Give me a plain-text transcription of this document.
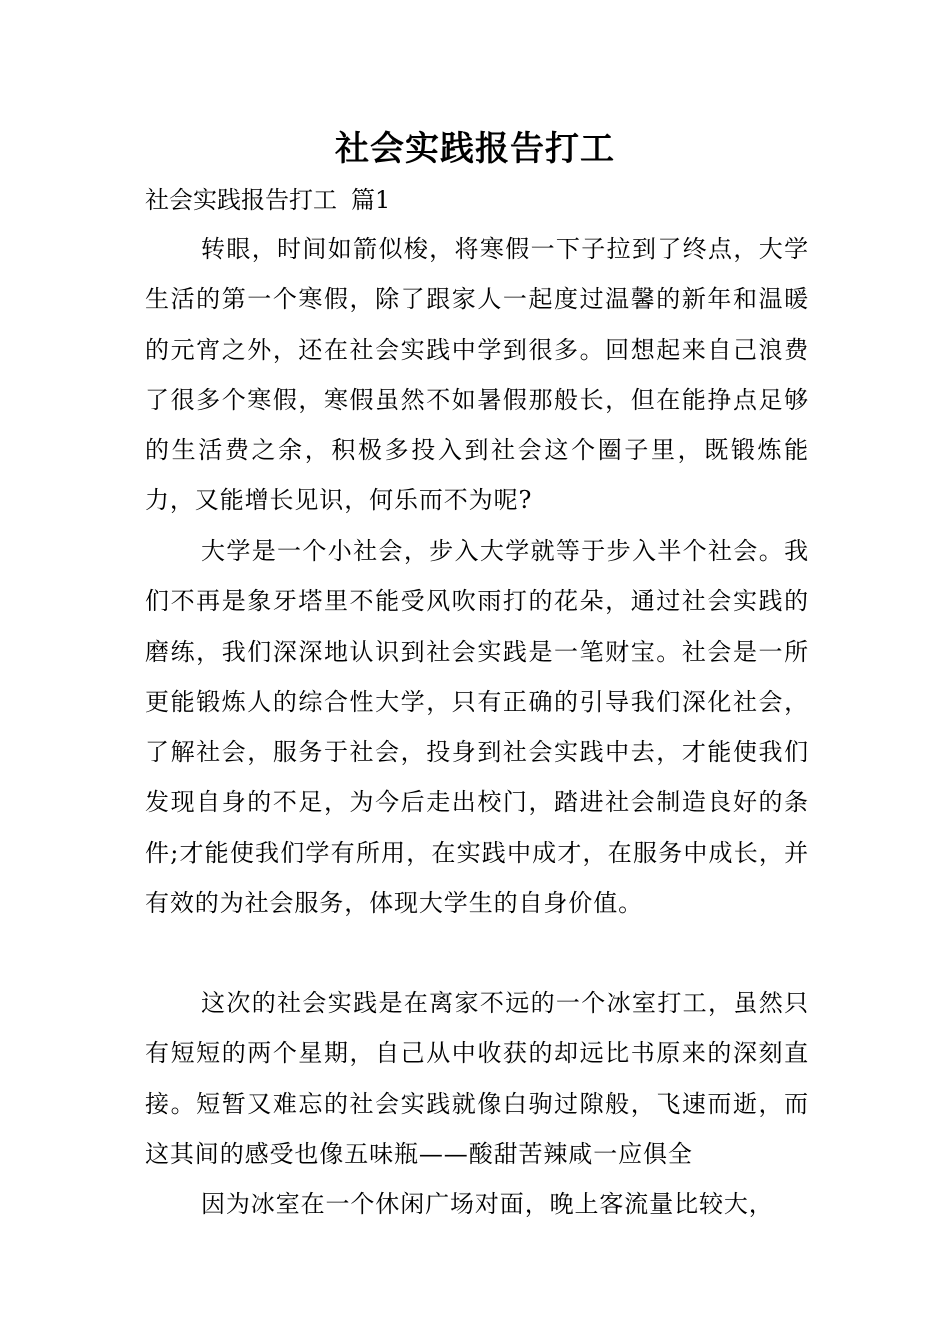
社会实践报告打工

社会实践报告打工 篇1

转眼，时间如箭似梭，将寒假一下子拉到了终点，大学生活的第一个寒假，除了跟家人一起度过温馨的新年和温暖的元宵之外，还在社会实践中学到很多。回想起来自己浪费了很多个寒假，寒假虽然不如暑假那般长，但在能挣点足够的生活费之余，积极多投入到社会这个圈子里，既锻炼能力，又能增长见识，何乐而不为呢?

大学是一个小社会，步入大学就等于步入半个社会。我们不再是象牙塔里不能受风吹雨打的花朵，通过社会实践的磨练，我们深深地认识到社会实践是一笔财宝。社会是一所更能锻炼人的综合性大学，只有正确的引导我们深化社会，了解社会，服务于社会，投身到社会实践中去，才能使我们发现自身的不足，为今后走出校门，踏进社会制造良好的条件;才能使我们学有所用，在实践中成才，在服务中成长，并有效的为社会服务，体现大学生的自身价值。

这次的社会实践是在离家不远的一个冰室打工，虽然只有短短的两个星期，自己从中收获的却远比书原来的深刻直接。短暂又难忘的社会实践就像白驹过隙般，飞速而逝，而这其间的感受也像五味瓶——酸甜苦辣咸一应俱全

因为冰室在一个休闲广场对面，晚上客流量比较大，
